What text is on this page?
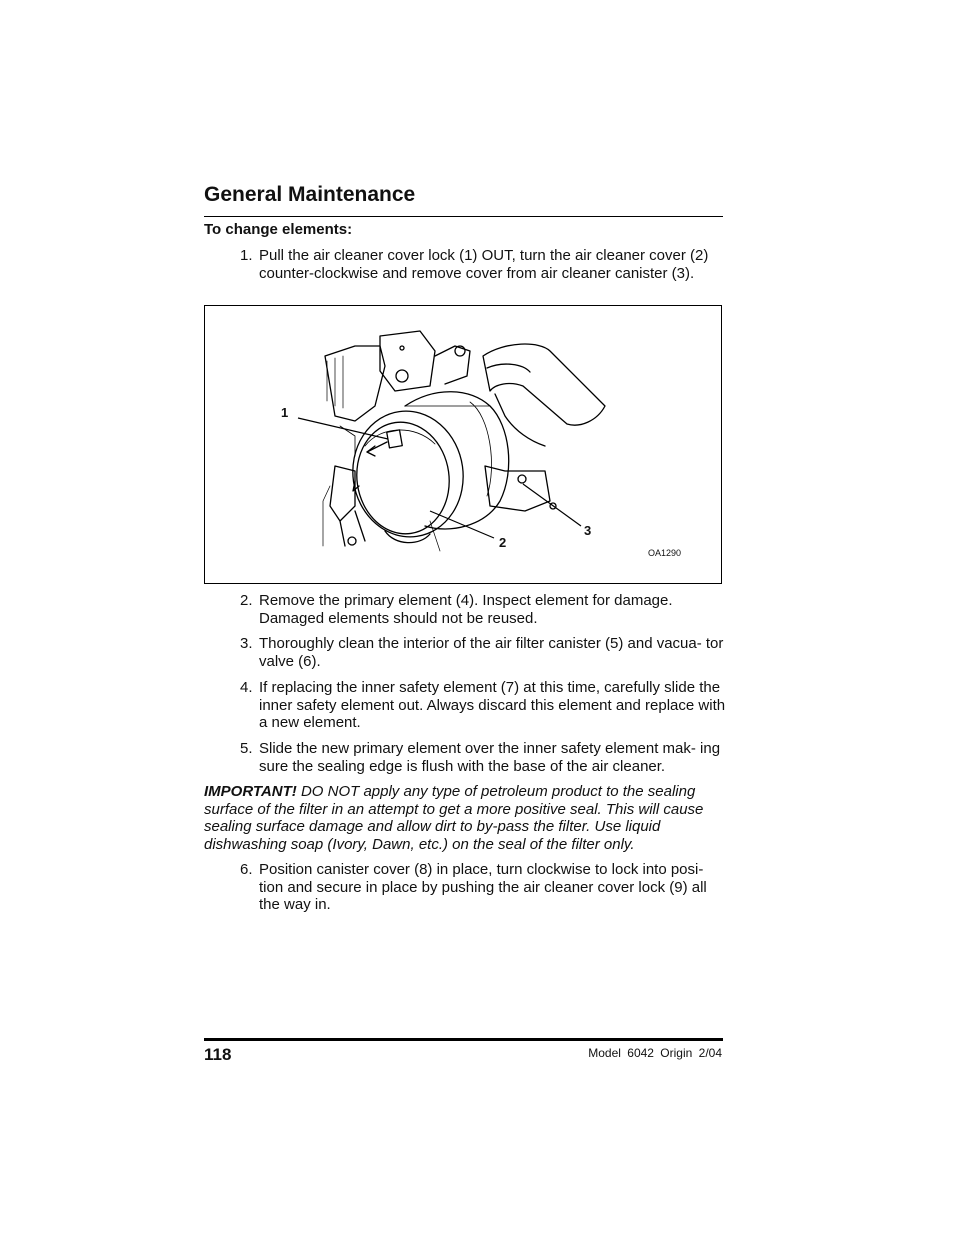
General Maintenance
To change elements:
1. Pull the air cleaner cover lock (1) OUT, turn the air cleaner cover (2) counter-clockwise and remove cover from air cleaner canister (3).
1
2
3
OA1290
2. Remove the primary element (4). Inspect element for damage. Damaged elements should not be reused.
3. Thoroughly clean the interior of the air filter canister (5) and vacua- tor valve (6).
4. If replacing the inner safety element (7) at this time, carefully slide the inner safety element out. Always discard this element and replace with a new element.
5. Slide the new primary element over the inner safety element mak- ing sure the sealing edge is flush with the base of the air cleaner.
IMPORTANT! DO NOT apply any type of petroleum product to the sealing surface of the filter in an attempt to get a more positive seal. This will cause sealing surface damage and allow dirt to by-pass the filter. Use liquid dishwashing soap (Ivory, Dawn, etc.) on the seal of the filter only.
6. Position canister cover (8) in place, turn clockwise to lock into posi- tion and secure in place by pushing the air cleaner cover lock (9) all the way in.
118	Model 6042 Origin 2/04
